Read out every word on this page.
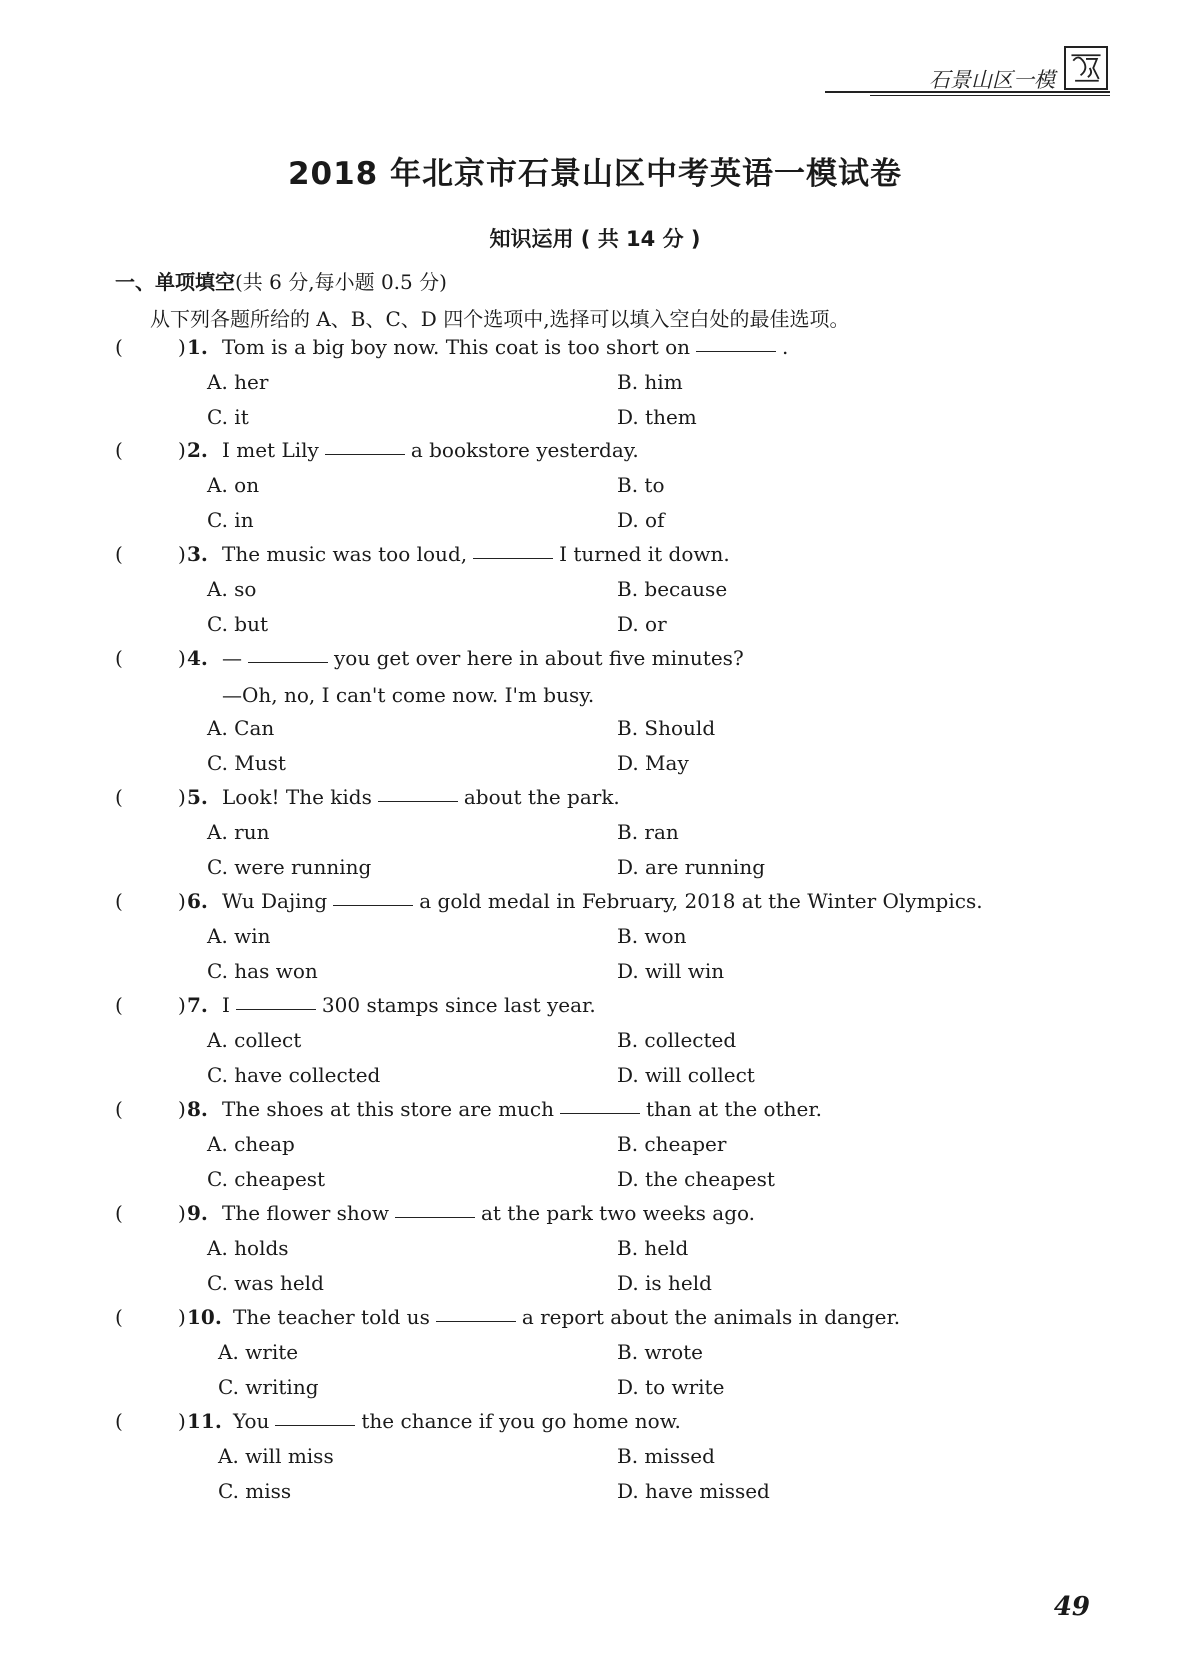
石景山区一模
2018 年北京市石景山区中考英语一模试卷
知识运用 ( 共 14 分 )
一、单项填空(共 6 分,每小题 0.5 分)
从下列各题所给的 A、B、C、D 四个选项中,选择可以填入空白处的最佳选项。
(	) 1. Tom is a big boy now. This coat is too short on	.
A. her	B. him
C. it	D. them
(	) 2. I met Lily	a bookstore yesterday.
A. on	B. to
C. in	D. of
(	) 3. The music was too loud,	I turned it down.
A. so	B. because
C. but	D. or
(	) 4. —	you get over here in about five minutes?
—Oh, no, I can't come now. I'm busy.
A. Can	B. Should
C. Must	D. May
(	) 5. Look! The kids	about the park.
A. run	B. ran
C. were running	D. are running
(	) 6. Wu Dajing	a gold medal in February, 2018 at the Winter Olympics.
A. win	B. won
C. has won	D. will win
(	) 7. I	300 stamps since last year.
A. collect	B. collected
C. have collected	D. will collect
(	) 8. The shoes at this store are much	than at the other.
A. cheap	B. cheaper
C. cheapest	D. the cheapest
(	) 9. The flower show	at the park two weeks ago.
A. holds	B. held
C. was held	D. is held
(	) 10. The teacher told us	a report about the animals in danger.
A. write	B. wrote
C. writing	D. to write
(	) 11. You	the chance if you go home now.
A. will miss	B. missed
C. miss	D. have missed
49
